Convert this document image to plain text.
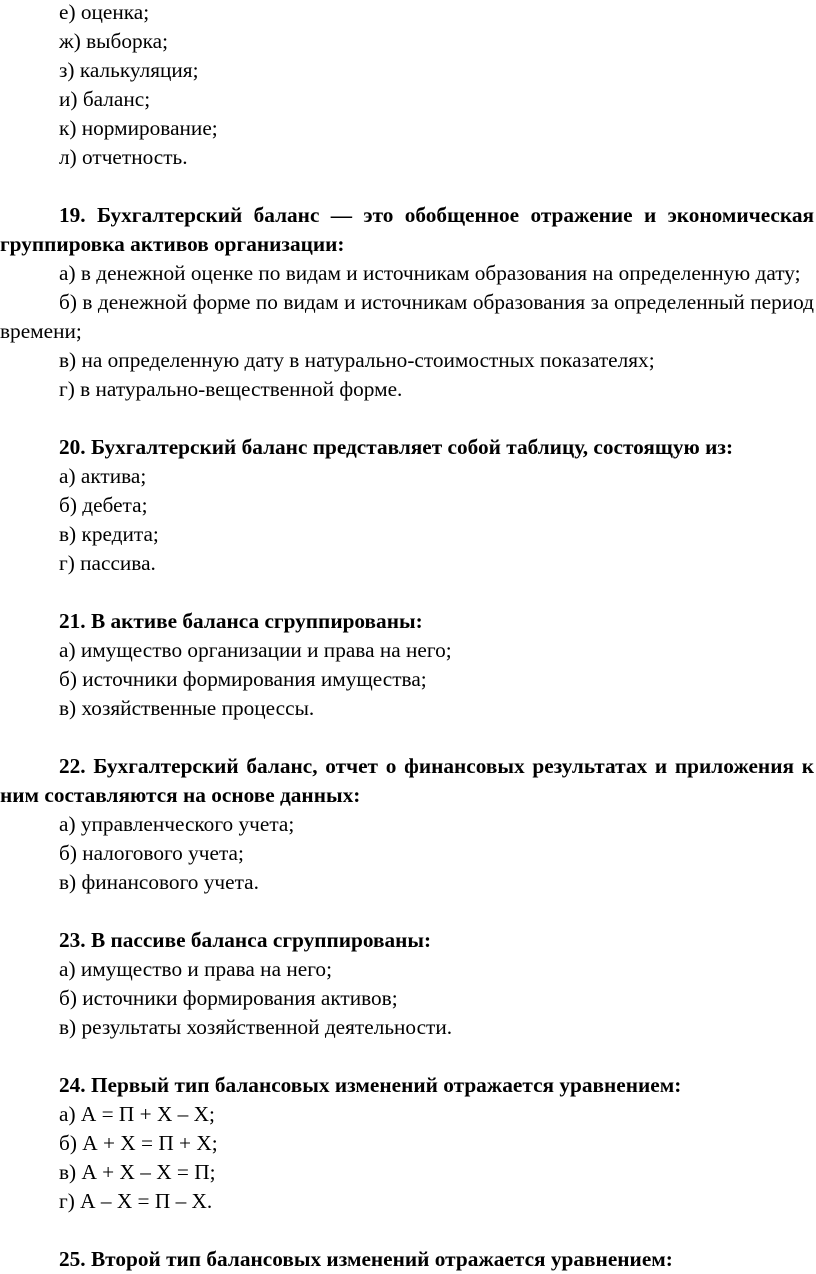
е) оценка;

ж) выборка;

з) калькуляция;

и) баланс;

к) нормирование;

л) отчетность.

19. Бухгалтерский баланс — это обобщенное отражение и экономическая группировка активов организации:

а) в денежной оценке по видам и источникам образования на определенную дату;

б) в денежной форме по видам и источникам образования за определенный период времени;

в) на определенную дату в натурально-стоимостных показателях;

г) в натурально-вещественной форме.

20. Бухгалтерский баланс представляет собой таблицу, состоящую из:

а) актива;

б) дебета;

в) кредита;

г) пассива.

21. В активе баланса сгруппированы:

а) имущество организации и права на него;

б) источники формирования имущества;

в) хозяйственные процессы.

22. Бухгалтерский баланс, отчет о финансовых результатах и приложения к ним составляются на основе данных:

а) управленческого учета;

б) налогового учета;

в) финансового учета.

23. В пассиве баланса сгруппированы:

а) имущество и права на него;

б) источники формирования активов;

в) результаты хозяйственной деятельности.

24. Первый тип балансовых изменений отражается уравнением:

а) А = П + Х – Х;

б) А + Х = П + Х;

в) А + Х – Х = П;

г) А – Х = П – Х.

25. Второй тип балансовых изменений отражается уравнением:
